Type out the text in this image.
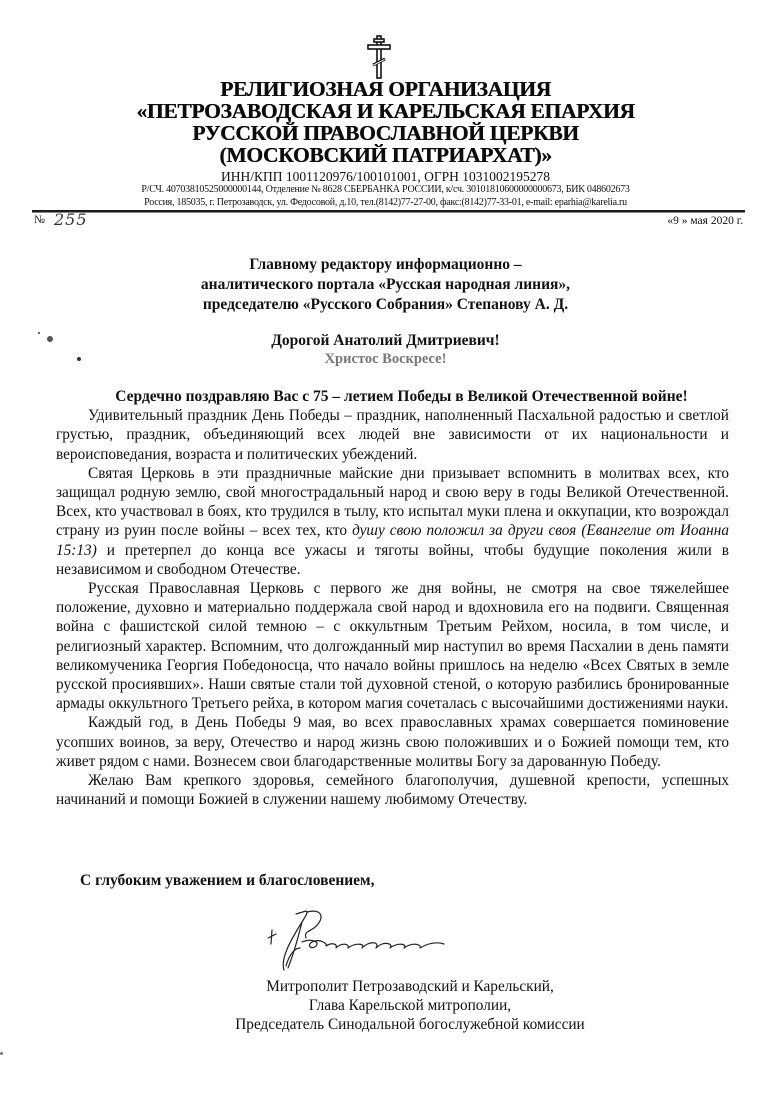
РЕЛИГИОЗНАЯ ОРГАНИЗАЦИЯ
«ПЕТРОЗАВОДСКАЯ И КАРЕЛЬСКАЯ ЕПАРХИЯ
РУССКОЙ ПРАВОСЛАВНОЙ ЦЕРКВИ
(МОСКОВСКИЙ ПАТРИАРХАТ)»
ИНН/КПП 1001120976/100101001, ОГРН 1031002195278
Р/СЧ. 40703810525000000144, Отделение № 8628 СБЕРБАНКА РОССИИ, к/сч. 30101810600000000673, БИК 048602673
Россия, 185035, г. Петрозаводск, ул. Федосовой, д.10, тел.(8142)77-27-00, факс:(8142)77-33-01, e-mail: eparhia@karelia.ru
№ 255	«9 » мая 2020 г.
Главному редактору информационно –
аналитического портала «Русская народная линия»,
председателю «Русского Собрания» Степанову А. Д.
Дорогой Анатолий Дмитриевич!
Христос Воскресе!

Сердечно поздравляю Вас с 75 – летием Победы в Великой Отечественной войне!

Удивительный праздник День Победы – праздник, наполненный Пасхальной радостью и светлой грустью, праздник, объединяющий всех людей вне зависимости от их национальности и вероисповедания, возраста и политических убеждений.

Святая Церковь в эти праздничные майские дни призывает вспомнить в молитвах всех, кто защищал родную землю, свой многострадальный народ и свою веру в годы Великой Отечественной. Всех, кто участвовал в боях, кто трудился в тылу, кто испытал муки плена и оккупации, кто возрождал страну из руин после войны – всех тех, кто душу свою положил за други своя (Евангелие от Иоанна 15:13) и претерпел до конца все ужасы и тяготы войны, чтобы будущие поколения жили в независимом и свободном Отечестве.

Русская Православная Церковь с первого же дня войны, не смотря на свое тяжелейшее положение, духовно и материально поддержала свой народ и вдохновила его на подвиги. Священная война с фашистской силой темною – с оккультным Третьим Рейхом, носила, в том числе, и религиозный характер. Вспомним, что долгожданный мир наступил во время Пасхалии в день памяти великомученика Георгия Победоносца, что начало войны пришлось на неделю «Всех Святых в земле русской просиявших». Наши святые стали той духовной стеной, о которую разбились бронированные армады оккультного Третьего рейха, в котором магия сочеталась с высочайшими достижениями науки.

Каждый год, в День Победы 9 мая, во всех православных храмах совершается поминовение усопших воинов, за веру, Отечество и народ жизнь свою положивших и о Божией помощи тем, кто живет рядом с нами. Вознесем свои благодарственные молитвы Богу за дарованную Победу.

Желаю Вам крепкого здоровья, семейного благополучия, душевной крепости, успешных начинаний и помощи Божией в служении нашему любимому Отечеству.

С глубоким уважением и благословением,
Митрополит Петрозаводский и Карельский,
Глава Карельской митрополии,
Председатель Синодальной богослужебной комиссии
